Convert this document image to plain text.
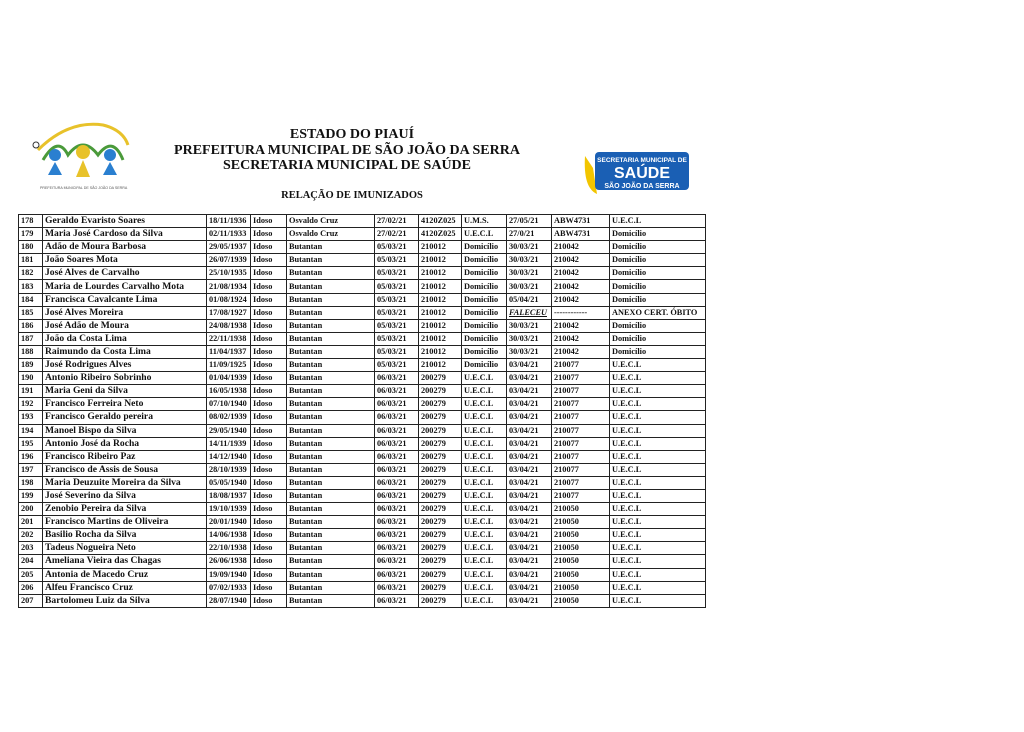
PREFEITURA MUNICIPAL DE SÃO JOÃO DA SERRA
ESTADO DO PIAUÍ
PREFEITURA MUNICIPAL DE SÃO JOÃO DA SERRA
SECRETARIA MUNICIPAL DE SAÚDE
RELAÇÃO DE IMUNIZADOS
SECRETARIA MUNICIPAL DE
SAÚDE
SÃO JOÃO DA SERRA
178	Geraldo Evaristo Soares	18/11/1936	Idoso	Osvaldo Cruz	27/02/21	4120Z025	U.M.S.	27/05/21	ABW4731	U.E.C.L
179	Maria José Cardoso da Silva	02/11/1933	Idoso	Osvaldo Cruz	27/02/21	4120Z025	U.E.C.L	27/0/21	ABW4731	Domicílio
180	Adão de Moura Barbosa	29/05/1937	Idoso	Butantan	05/03/21	210012	Domicílio	30/03/21	210042	Domicílio
181	João Soares Mota	26/07/1939	Idoso	Butantan	05/03/21	210012	Domicílio	30/03/21	210042	Domicílio
182	José Alves de Carvalho	25/10/1935	Idoso	Butantan	05/03/21	210012	Domicílio	30/03/21	210042	Domicílio
183	Maria de Lourdes Carvalho Mota	21/08/1934	Idoso	Butantan	05/03/21	210012	Domicílio	30/03/21	210042	Domicílio
184	Francisca Cavalcante Lima	01/08/1924	Idoso	Butantan	05/03/21	210012	Domicílio	05/04/21	210042	Domicílio
185	José Alves Moreira	17/08/1927	Idoso	Butantan	05/03/21	210012	Domicílio	FALECEU	------------	ANEXO CERT. ÓBITO
186	José Adão de Moura	24/08/1938	Idoso	Butantan	05/03/21	210012	Domicílio	30/03/21	210042	Domicílio
187	João da Costa Lima	22/11/1938	Idoso	Butantan	05/03/21	210012	Domicílio	30/03/21	210042	Domicílio
188	Raimundo da Costa Lima	11/04/1937	Idoso	Butantan	05/03/21	210012	Domicílio	30/03/21	210042	Domicílio
189	José Rodrigues Alves	11/09/1925	Idoso	Butantan	05/03/21	210012	Domicílio	03/04/21	210077	U.E.C.L
190	Antonio Ribeiro Sobrinho	01/04/1939	Idoso	Butantan	06/03/21	200279	U.E.C.L	03/04/21	210077	U.E.C.L
191	Maria Geni da Silva	16/05/1938	Idoso	Butantan	06/03/21	200279	U.E.C.L	03/04/21	210077	U.E.C.L
192	Francisco Ferreira Neto	07/10/1940	Idoso	Butantan	06/03/21	200279	U.E.C.L	03/04/21	210077	U.E.C.L
193	Francisco Geraldo pereira	08/02/1939	Idoso	Butantan	06/03/21	200279	U.E.C.L	03/04/21	210077	U.E.C.L
194	Manoel Bispo da Silva	29/05/1940	Idoso	Butantan	06/03/21	200279	U.E.C.L	03/04/21	210077	U.E.C.L
195	Antonio José da Rocha	14/11/1939	Idoso	Butantan	06/03/21	200279	U.E.C.L	03/04/21	210077	U.E.C.L
196	Francisco Ribeiro Paz	14/12/1940	Idoso	Butantan	06/03/21	200279	U.E.C.L	03/04/21	210077	U.E.C.L
197	Francisco de Assis de Sousa	28/10/1939	Idoso	Butantan	06/03/21	200279	U.E.C.L	03/04/21	210077	U.E.C.L
198	Maria Deuzuite Moreira da Silva	05/05/1940	Idoso	Butantan	06/03/21	200279	U.E.C.L	03/04/21	210077	U.E.C.L
199	José Severino da Silva	18/08/1937	Idoso	Butantan	06/03/21	200279	U.E.C.L	03/04/21	210077	U.E.C.L
200	Zenobio Pereira da Silva	19/10/1939	Idoso	Butantan	06/03/21	200279	U.E.C.L	03/04/21	210050	U.E.C.L
201	Francisco Martins de Oliveira	20/01/1940	Idoso	Butantan	06/03/21	200279	U.E.C.L	03/04/21	210050	U.E.C.L
202	Basilio Rocha da Silva	14/06/1938	Idoso	Butantan	06/03/21	200279	U.E.C.L	03/04/21	210050	U.E.C.L
203	Tadeus Nogueira Neto	22/10/1938	Idoso	Butantan	06/03/21	200279	U.E.C.L	03/04/21	210050	U.E.C.L
204	Ameliana Vieira das Chagas	26/06/1938	Idoso	Butantan	06/03/21	200279	U.E.C.L	03/04/21	210050	U.E.C.L
205	Antonia de Macedo Cruz	19/09/1940	Idoso	Butantan	06/03/21	200279	U.E.C.L	03/04/21	210050	U.E.C.L
206	Alfeu Francisco Cruz	07/02/1933	Idoso	Butantan	06/03/21	200279	U.E.C.L	03/04/21	210050	U.E.C.L
207	Bartolomeu Luiz da Silva	28/07/1940	Idoso	Butantan	06/03/21	200279	U.E.C.L	03/04/21	210050	U.E.C.L
